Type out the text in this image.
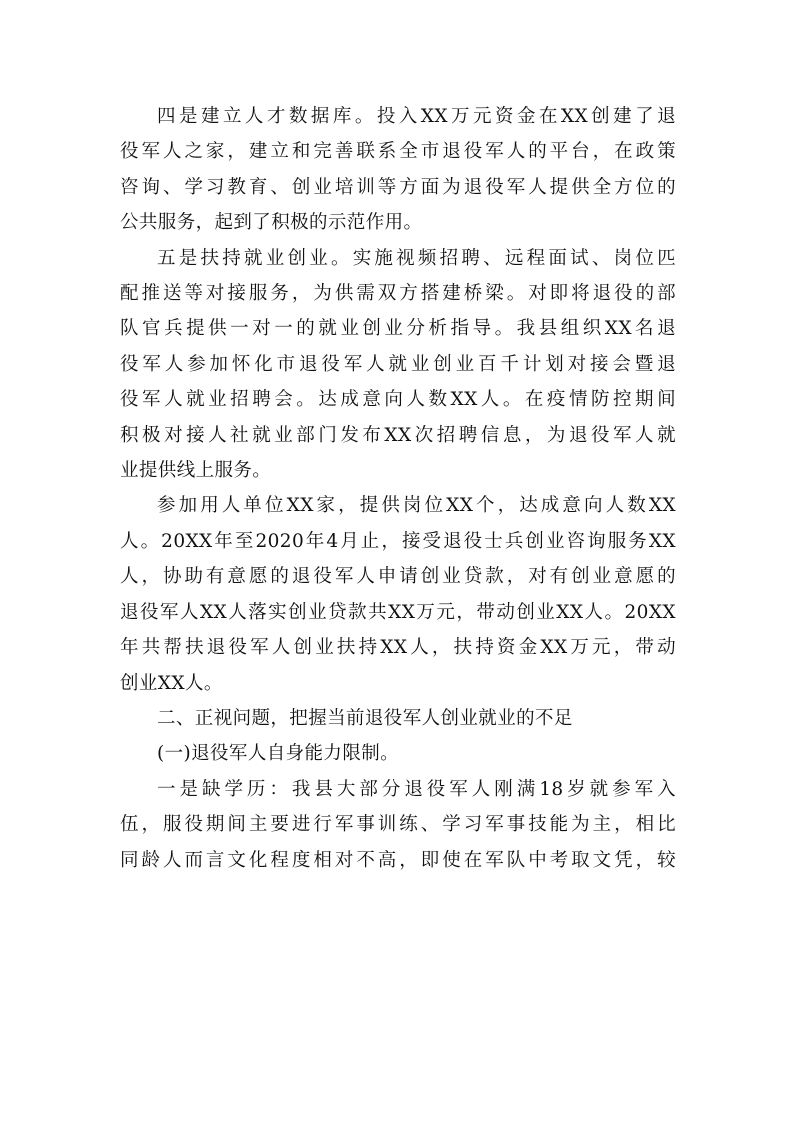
四是建立人才数据库。投入XX万元资金在XX创建了退
役军人之家，建立和完善联系全市退役军人的平台，在政策
咨询、学习教育、创业培训等方面为退役军人提供全方位的
公共服务，起到了积极的示范作用。
五是扶持就业创业。实施视频招聘、远程面试、岗位匹
配推送等对接服务，为供需双方搭建桥梁。对即将退役的部
队官兵提供一对一的就业创业分析指导。我县组织XX名退
役军人参加怀化市退役军人就业创业百千计划对接会暨退
役军人就业招聘会。达成意向人数XX人。在疫情防控期间
积极对接人社就业部门发布XX次招聘信息，为退役军人就
业提供线上服务。
参加用人单位XX家，提供岗位XX个，达成意向人数XX
人。20XX年至2020年4月止，接受退役士兵创业咨询服务XX
人，协助有意愿的退役军人申请创业贷款，对有创业意愿的
退役军人XX人落实创业贷款共XX万元，带动创业XX人。20XX
年共帮扶退役军人创业扶持XX人，扶持资金XX万元，带动
创业XX人。
二、正视问题，把握当前退役军人创业就业的不足
(一)退役军人自身能力限制。
一是缺学历：我县大部分退役军人刚满18岁就参军入
伍，服役期间主要进行军事训练、学习军事技能为主，相比
同龄人而言文化程度相对不高，即使在军队中考取文凭，较
